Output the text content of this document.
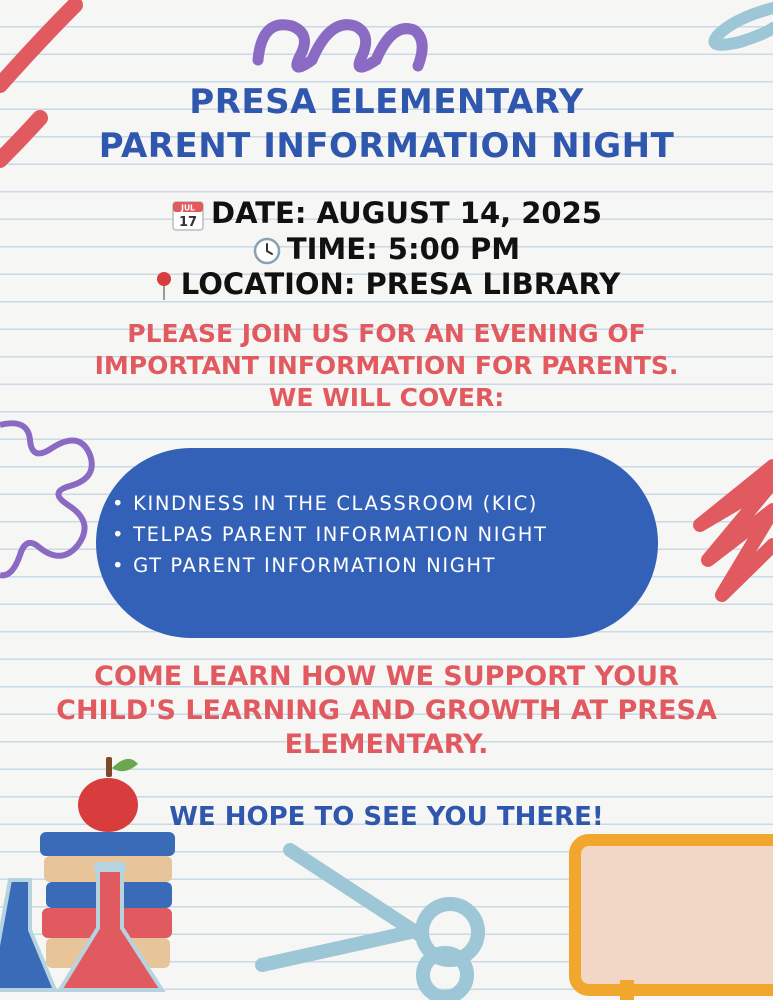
PRESA ELEMENTARY
PARENT INFORMATION NIGHT
JUL
17 DATE: AUGUST 14, 2025
TIME: 5:00 PM
LOCATION: PRESA LIBRARY
PLEASE JOIN US FOR AN EVENING OF
IMPORTANT INFORMATION FOR PARENTS.
WE WILL COVER:
• KINDNESS IN THE CLASSROOM (KIC)
• TELPAS PARENT INFORMATION NIGHT
• GT PARENT INFORMATION NIGHT
COME LEARN HOW WE SUPPORT YOUR
CHILD'S LEARNING AND GROWTH AT PRESA
ELEMENTARY.
WE HOPE TO SEE YOU THERE!
